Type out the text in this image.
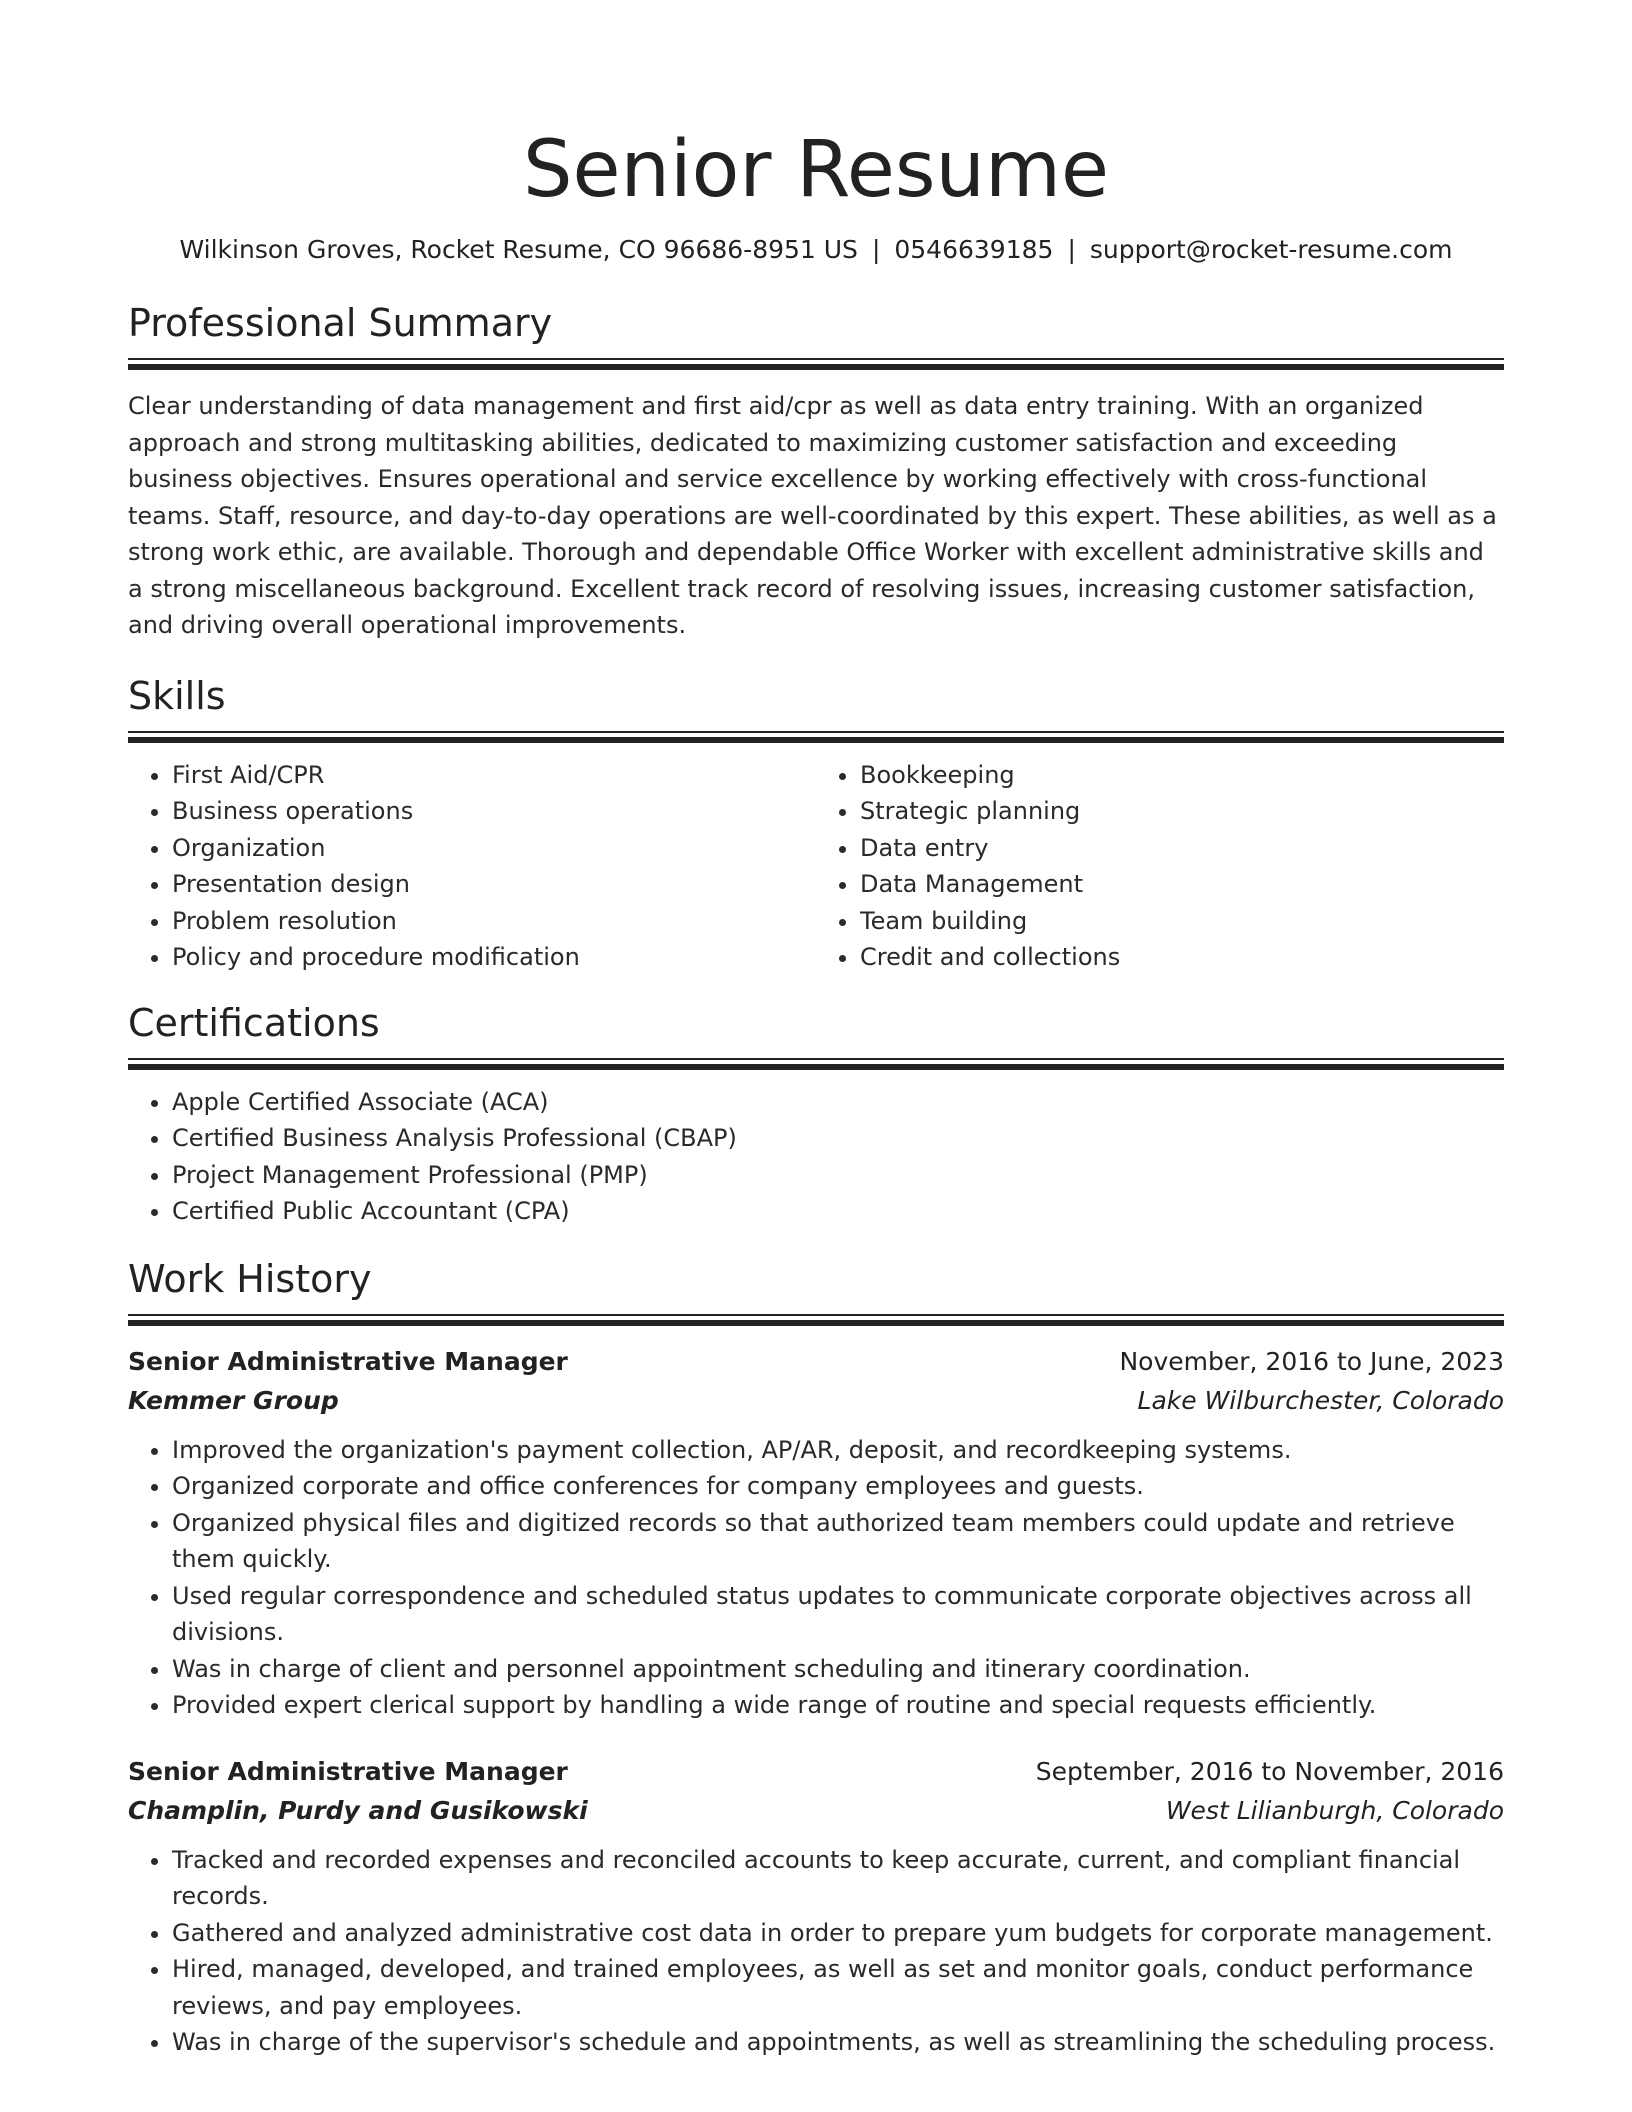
Senior Resume
Wilkinson Groves, Rocket Resume, CO 96686-8951 US | 0546639185 | support@rocket-resume.com
Professional Summary

Clear understanding of data management and first aid/cpr as well as data entry training. With an organized approach and strong multitasking abilities, dedicated to maximizing customer satisfaction and exceeding business objectives. Ensures operational and service excellence by working effectively with cross-functional teams. Staff, resource, and day-to-day operations are well-coordinated by this expert. These abilities, as well as a strong work ethic, are available. Thorough and dependable Office Worker with excellent administrative skills and a strong miscellaneous background. Excellent track record of resolving issues, increasing customer satisfaction, and driving overall operational improvements.

Skills
• First Aid/CPR
• Business operations
• Organization
• Presentation design
• Problem resolution
• Policy and procedure modification
• Bookkeeping
• Strategic planning
• Data entry
• Data Management
• Team building
• Credit and collections
Certifications
• Apple Certified Associate (ACA)
• Certified Business Analysis Professional (CBAP)
• Project Management Professional (PMP)
• Certified Public Accountant (CPA)
Work History
Senior Administrative Manager	November, 2016 to June, 2023
Kemmer Group	Lake Wilburchester, Colorado
• Improved the organization's payment collection, AP/AR, deposit, and recordkeeping systems.
• Organized corporate and office conferences for company employees and guests.
• Organized physical files and digitized records so that authorized team members could update and retrieve them quickly.
• Used regular correspondence and scheduled status updates to communicate corporate objectives across all divisions.
• Was in charge of client and personnel appointment scheduling and itinerary coordination.
• Provided expert clerical support by handling a wide range of routine and special requests efficiently.
Senior Administrative Manager	September, 2016 to November, 2016
Champlin, Purdy and Gusikowski	West Lilianburgh, Colorado
• Tracked and recorded expenses and reconciled accounts to keep accurate, current, and compliant financial records.
• Gathered and analyzed administrative cost data in order to prepare yum budgets for corporate management.
• Hired, managed, developed, and trained employees, as well as set and monitor goals, conduct performance reviews, and pay employees.
• Was in charge of the supervisor's schedule and appointments, as well as streamlining the scheduling process.
